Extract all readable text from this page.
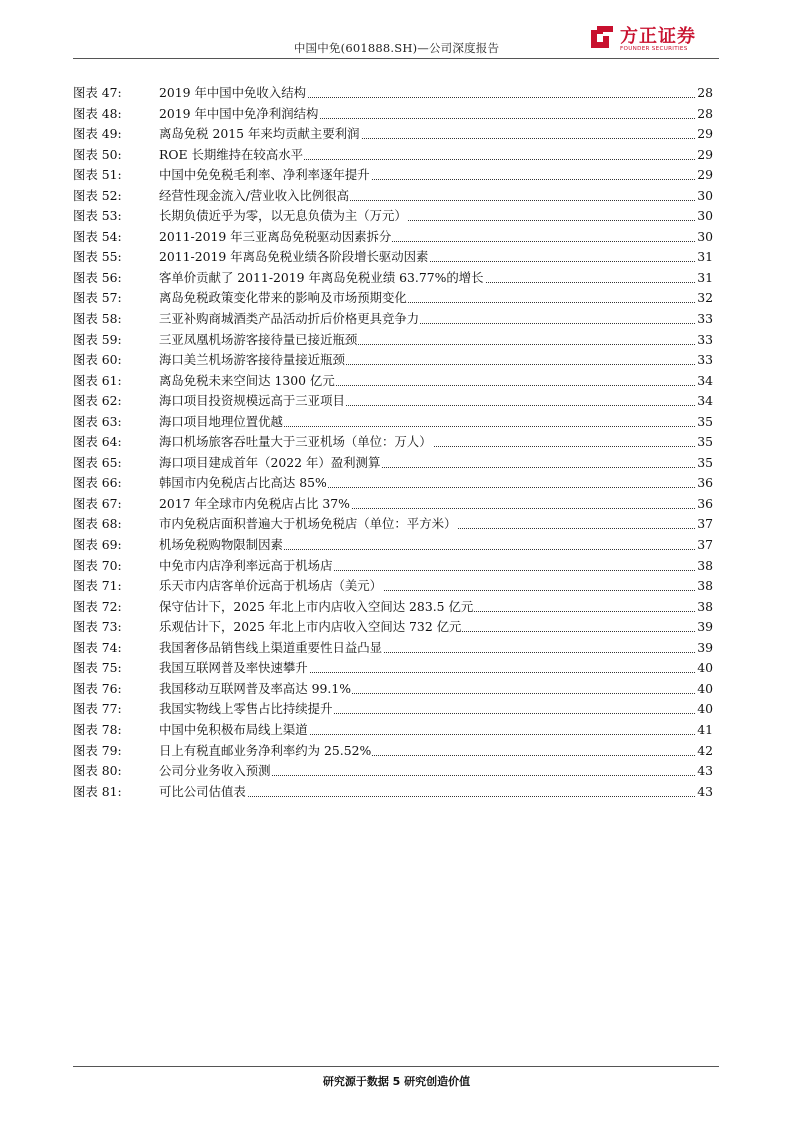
中国中免(601888.SH)—公司深度报告
方正证券
FOUNDER SECURITIES
图表 47:	2019 年中国中免收入结构	28
图表 48:	2019 年中国中免净利润结构	28
图表 49:	离岛免税 2015 年来均贡献主要利润	29
图表 50:	ROE 长期维持在较高水平	29
图表 51:	中国中免免税毛利率、净利率逐年提升	29
图表 52:	经营性现金流入/营业收入比例很高	30
图表 53:	长期负债近乎为零，以无息负债为主（万元）	30
图表 54:	2011-2019 年三亚离岛免税驱动因素拆分	30
图表 55:	2011-2019 年离岛免税业绩各阶段增长驱动因素	31
图表 56:	客单价贡献了 2011-2019 年离岛免税业绩 63.77%的增长	31
图表 57:	离岛免税政策变化带来的影响及市场预期变化	32
图表 58:	三亚补购商城酒类产品活动折后价格更具竞争力	33
图表 59:	三亚凤凰机场游客接待量已接近瓶颈	33
图表 60:	海口美兰机场游客接待量接近瓶颈	33
图表 61:	离岛免税未来空间达 1300 亿元	34
图表 62:	海口项目投资规模远高于三亚项目	34
图表 63:	海口项目地理位置优越	35
图表 64:	海口机场旅客吞吐量大于三亚机场（单位：万人）	35
图表 65:	海口项目建成首年（2022 年）盈利测算	35
图表 66:	韩国市内免税店占比高达 85%	36
图表 67:	2017 年全球市内免税店占比 37%	36
图表 68:	市内免税店面积普遍大于机场免税店（单位：平方米）	37
图表 69:	机场免税购物限制因素	37
图表 70:	中免市内店净利率远高于机场店	38
图表 71:	乐天市内店客单价远高于机场店（美元）	38
图表 72:	保守估计下，2025 年北上市内店收入空间达 283.5 亿元	38
图表 73:	乐观估计下，2025 年北上市内店收入空间达 732 亿元	39
图表 74:	我国奢侈品销售线上渠道重要性日益凸显	39
图表 75:	我国互联网普及率快速攀升	40
图表 76:	我国移动互联网普及率高达 99.1%	40
图表 77:	我国实物线上零售占比持续提升	40
图表 78:	中国中免积极布局线上渠道	41
图表 79:	日上有税直邮业务净利率约为 25.52%	42
图表 80:	公司分业务收入预测	43
图表 81:	可比公司估值表	43
研究源于数据 5 研究创造价值
